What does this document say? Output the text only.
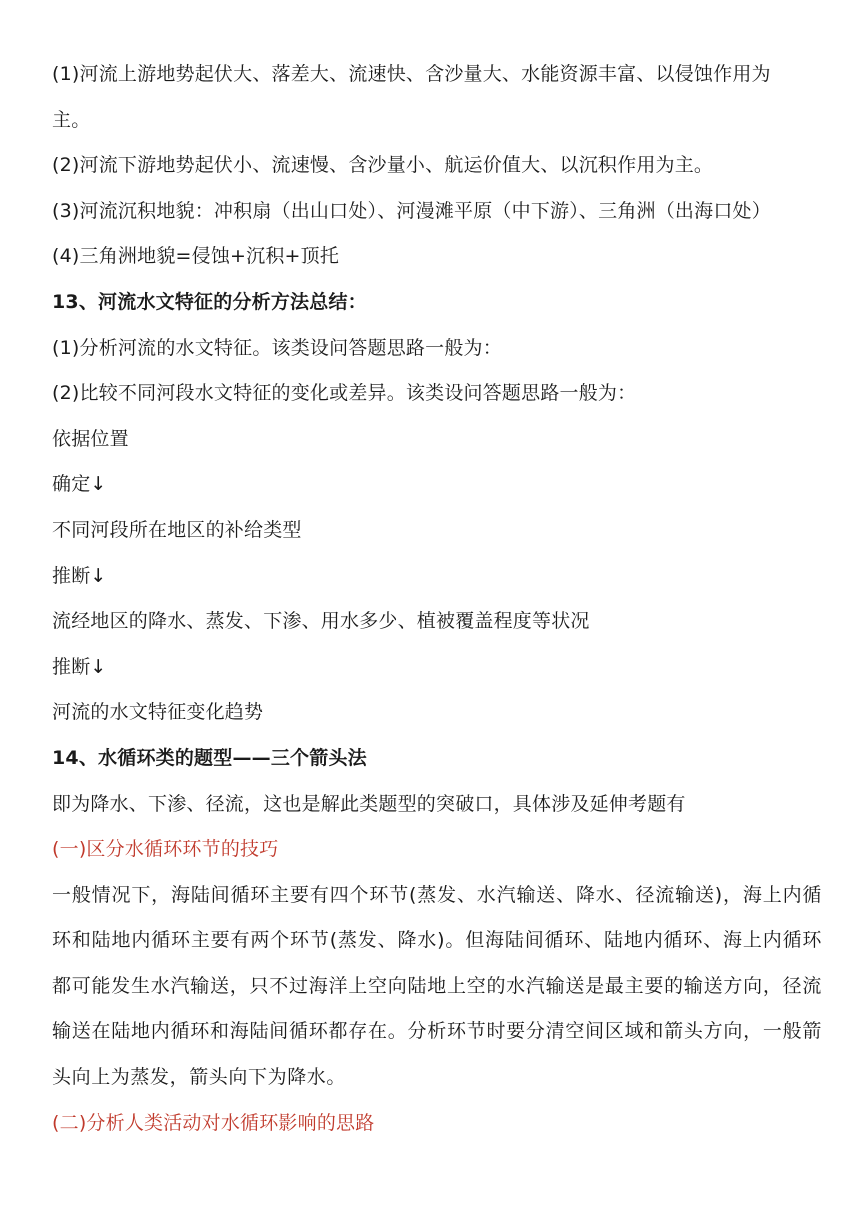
(1)河流上游地势起伏大、落差大、流速快、含沙量大、水能资源丰富、以侵蚀作用为
主。
(2)河流下游地势起伏小、流速慢、含沙量小、航运价值大、以沉积作用为主。
(3)河流沉积地貌：冲积扇（出山口处）、河漫滩平原（中下游）、三角洲（出海口处）
(4)三角洲地貌=侵蚀+沉积+顶托
13、河流水文特征的分析方法总结：
(1)分析河流的水文特征。该类设问答题思路一般为：
(2)比较不同河段水文特征的变化或差异。该类设问答题思路一般为：
依据位置
确定↓
不同河段所在地区的补给类型
推断↓
流经地区的降水、蒸发、下渗、用水多少、植被覆盖程度等状况
推断↓
河流的水文特征变化趋势
14、水循环类的题型——三个箭头法
即为降水、下渗、径流，这也是解此类题型的突破口，具体涉及延伸考题有
(一)区分水循环环节的技巧
一般情况下，海陆间循环主要有四个环节(蒸发、水汽输送、降水、径流输送)，海上内循环和陆地内循环主要有两个环节(蒸发、降水)。但海陆间循环、陆地内循环、海上内循环都可能发生水汽输送，只不过海洋上空向陆地上空的水汽输送是最主要的输送方向，径流输送在陆地内循环和海陆间循环都存在。分析环节时要分清空间区域和箭头方向，一般箭头向上为蒸发，箭头向下为降水。
(二)分析人类活动对水循环影响的思路
